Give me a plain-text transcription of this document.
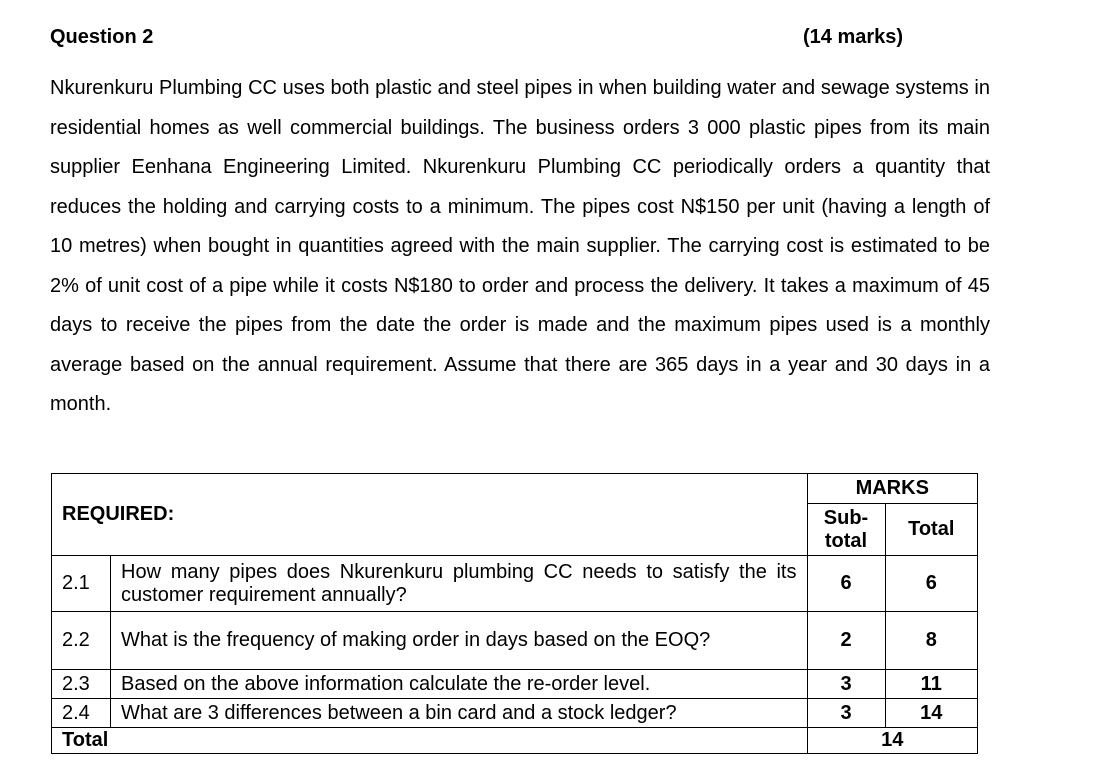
Question 2	(14 marks)

Nkurenkuru Plumbing CC uses both plastic and steel pipes in when building water and sewage systems in residential homes as well commercial buildings. The business orders 3 000 plastic pipes from its main supplier Eenhana Engineering Limited. Nkurenkuru Plumbing CC periodically orders a quantity that reduces the holding and carrying costs to a minimum. The pipes cost N$150 per unit (having a length of 10 metres) when bought in quantities agreed with the main supplier. The carrying cost is estimated to be 2% of unit cost of a pipe while it costs N$180 to order and process the delivery. It takes a maximum of 45 days to receive the pipes from the date the order is made and the maximum pipes used is a monthly average based on the annual requirement. Assume that there are 365 days in a year and 30 days in a month.

REQUIRED:		MARKS	
		Sub-total	Total
2.1	How many pipes does Nkurenkuru plumbing CC needs to satisfy the its customer requirement annually?	6	6
2.2	What is the frequency of making order in days based on the EOQ?	2	8
2.3	Based on the above information calculate the re-order level.	3	11
2.4	What are 3 differences between a bin card and a stock ledger?	3	14
Total		14	
